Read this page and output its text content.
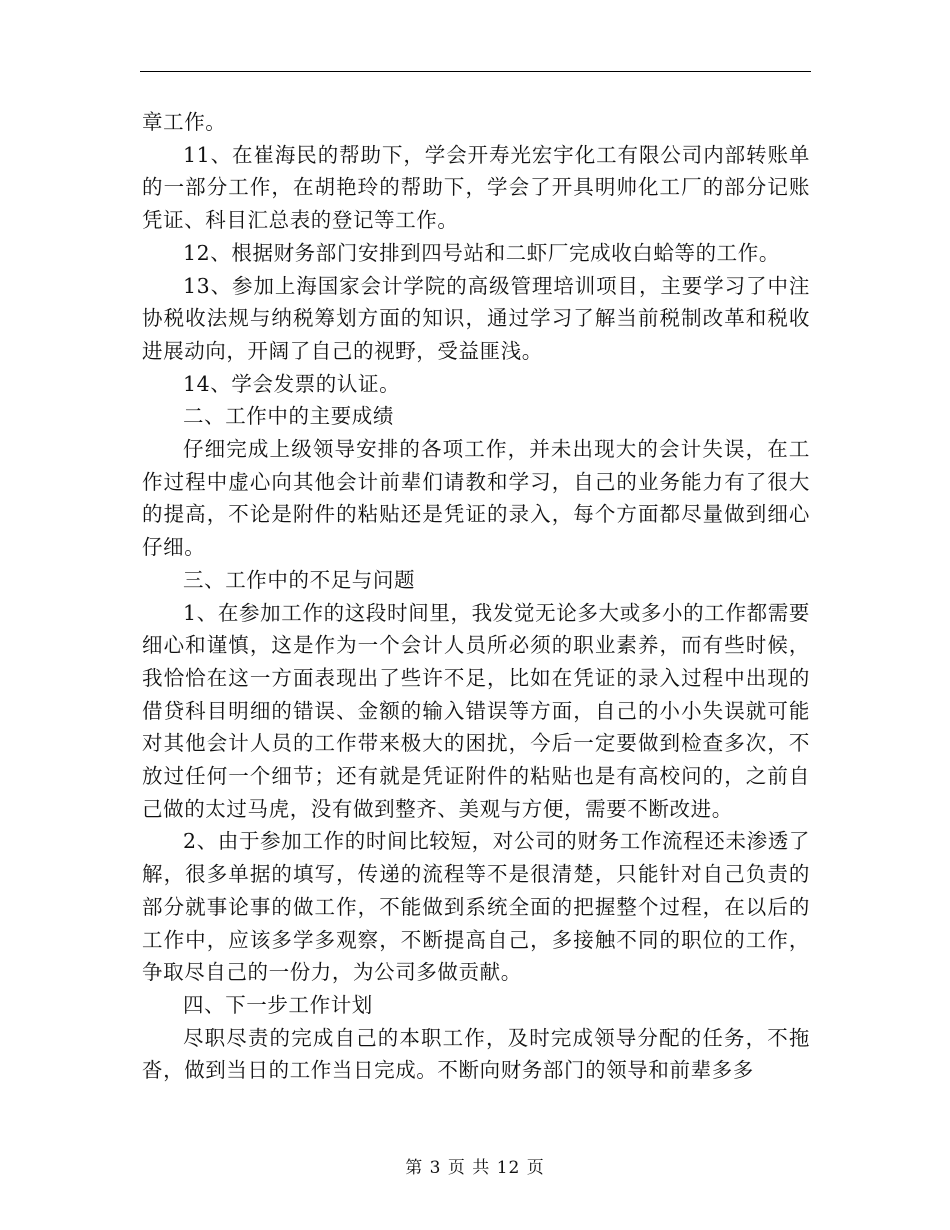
章工作。

11、在崔海民的帮助下，学会开寿光宏宇化工有限公司内部转账单的一部分工作，在胡艳玲的帮助下，学会了开具明帅化工厂的部分记账凭证、科目汇总表的登记等工作。

12、根据财务部门安排到四号站和二虾厂完成收白蛤等的工作。

13、参加上海国家会计学院的高级管理培训项目，主要学习了中注协税收法规与纳税筹划方面的知识，通过学习了解当前税制改革和税收进展动向，开阔了自己的视野，受益匪浅。

14、学会发票的认证。

二、工作中的主要成绩

仔细完成上级领导安排的各项工作，并未出现大的会计失误，在工作过程中虚心向其他会计前辈们请教和学习，自己的业务能力有了很大的提高，不论是附件的粘贴还是凭证的录入，每个方面都尽量做到细心仔细。

三、工作中的不足与问题

1、在参加工作的这段时间里，我发觉无论多大或多小的工作都需要细心和谨慎，这是作为一个会计人员所必须的职业素养，而有些时候，我恰恰在这一方面表现出了些许不足，比如在凭证的录入过程中出现的借贷科目明细的错误、金额的输入错误等方面，自己的小小失误就可能对其他会计人员的工作带来极大的困扰，今后一定要做到检查多次，不放过任何一个细节；还有就是凭证附件的粘贴也是有高校问的，之前自己做的太过马虎，没有做到整齐、美观与方便，需要不断改进。

2、由于参加工作的时间比较短，对公司的财务工作流程还未渗透了解，很多单据的填写，传递的流程等不是很清楚，只能针对自己负责的部分就事论事的做工作，不能做到系统全面的把握整个过程，在以后的工作中，应该多学多观察，不断提高自己，多接触不同的职位的工作，争取尽自己的一份力，为公司多做贡献。

四、下一步工作计划

尽职尽责的完成自己的本职工作，及时完成领导分配的任务，不拖沓，做到当日的工作当日完成。不断向财务部门的领导和前辈多多

第 3 页 共 12 页
